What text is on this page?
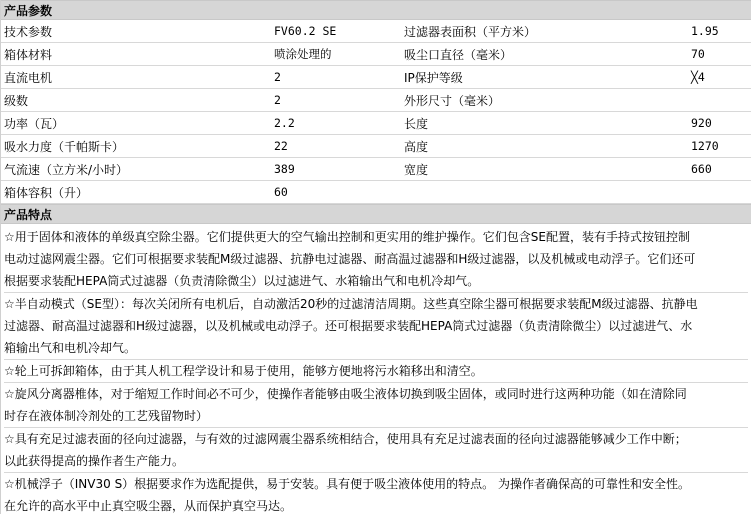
产品参数
技术参数	FV60.2 SE	过滤器表面积（平方米）	1.95
箱体材料	喷涂处理的	吸尘口直径（毫米）	70
直流电机	2	IP保护等级	╳4
级数	2	外形尺寸（毫米）	
功率（瓦）	2.2	长度	920
吸水力度（千帕斯卡）	22	高度	1270
气流速（立方米/小时）	389	宽度	660
箱体容积（升）	60		
产品特点
☆用于固体和液体的单级真空除尘器。它们提供更大的空气输出控制和更实用的维护操作。它们包含SE配置，装有手持式按钮控制
电动过滤网震尘器。它们可根据要求装配M级过滤器、抗静电过滤器、耐高温过滤器和H级过滤器，以及机械或电动浮子。它们还可
根据要求装配HEPA筒式过滤器（负责清除微尘）以过滤进气、水箱输出气和电机冷却气。
☆半自动模式（SE型）：每次关闭所有电机后，自动激活20秒的过滤清洁周期。这些真空除尘器可根据要求装配M级过滤器、抗静电
过滤器、耐高温过滤器和H级过滤器，以及机械或电动浮子。还可根据要求装配HEPA筒式过滤器（负责清除微尘）以过滤进气、水
箱输出气和电机冷却气。
☆轮上可拆卸箱体，由于其人机工程学设计和易于使用，能够方便地将污水箱移出和清空。
☆旋风分离器椎体，对于缩短工作时间必不可少，使操作者能够由吸尘液体切换到吸尘固体，或同时进行这两种功能（如在清除同
时存在液体制冷剂处的工艺残留物时）
☆具有充足过滤表面的径向过滤器，与有效的过滤网震尘器系统相结合，使用具有充足过滤表面的径向过滤器能够减少工作中断；
以此获得提高的操作者生产能力。
☆机械浮子（INV30 S）根据要求作为选配提供，易于安装。具有便于吸尘液体使用的特点。 为操作者确保高的可靠性和安全性。
在允许的高水平中止真空吸尘器，从而保护真空马达。
